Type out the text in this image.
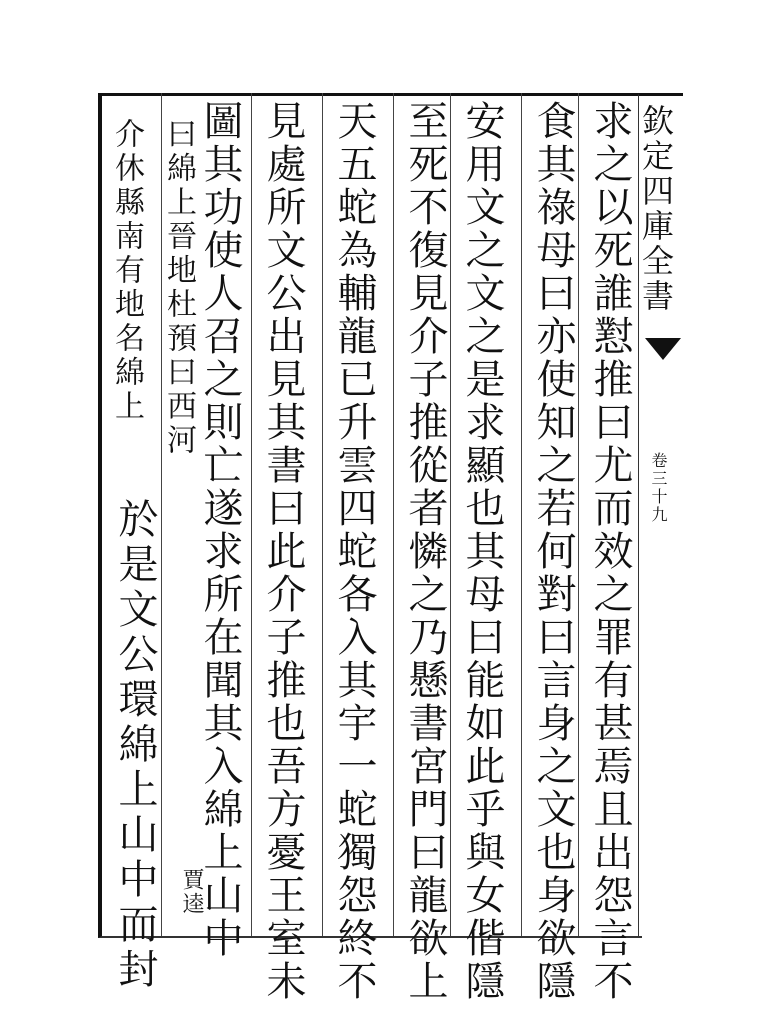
欽定四庫全書
卷三十九
求之以死誰懟推曰尤而效之罪有甚焉且出怨言不
食其祿母曰亦使知之若何對曰言身之文也身欲隱
安用文之文之是求顯也其母曰能如此乎與女偕隱
至死不復見介子推從者憐之乃懸書宮門曰龍欲上
天五蛇為輔龍已升雲四蛇各入其宇一蛇獨怨終不
見處所文公出見其書曰此介子推也吾方憂王室未
圖其功使人召之則亡遂求所在聞其入綿上山中
賈逵
曰綿上晉地杜預曰西河
介休縣南有地名綿上
於是文公環綿上山中而封
